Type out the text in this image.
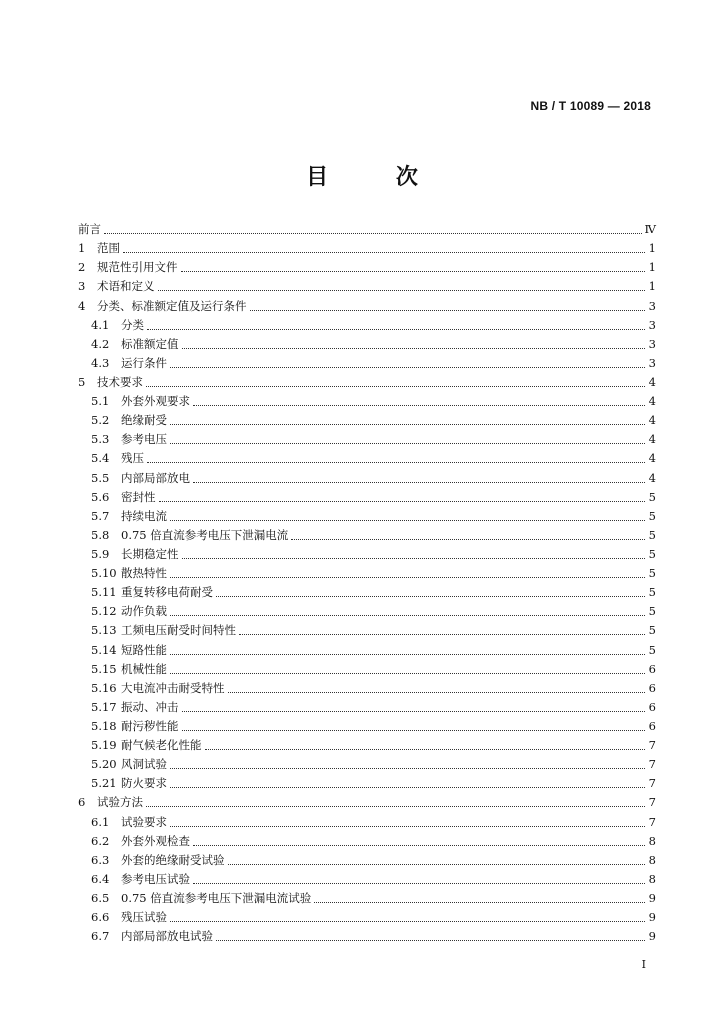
NB / T 10089 — 2018
目 次
前言	Ⅳ
1	范围	1
2	规范性引用文件	1
3	术语和定义	1
4	分类、标准额定值及运行条件	3
4.1	分类	3
4.2	标准额定值	3
4.3	运行条件	3
5	技术要求	4
5.1	外套外观要求	4
5.2	绝缘耐受	4
5.3	参考电压	4
5.4	残压	4
5.5	内部局部放电	4
5.6	密封性	5
5.7	持续电流	5
5.8	0.75 倍直流参考电压下泄漏电流	5
5.9	长期稳定性	5
5.10 散热特性	5
5.11 重复转移电荷耐受	5
5.12 动作负载	5
5.13 工频电压耐受时间特性	5
5.14 短路性能	5
5.15 机械性能	6
5.16 大电流冲击耐受特性	6
5.17 振动、冲击	6
5.18 耐污秽性能	6
5.19 耐气候老化性能	7
5.20 风洞试验	7
5.21 防火要求	7
6	试验方法	7
6.1	试验要求	7
6.2	外套外观检查	8
6.3	外套的绝缘耐受试验	8
6.4	参考电压试验	8
6.5	0.75 倍直流参考电压下泄漏电流试验	9
6.6	残压试验	9
6.7	内部局部放电试验	9
I
